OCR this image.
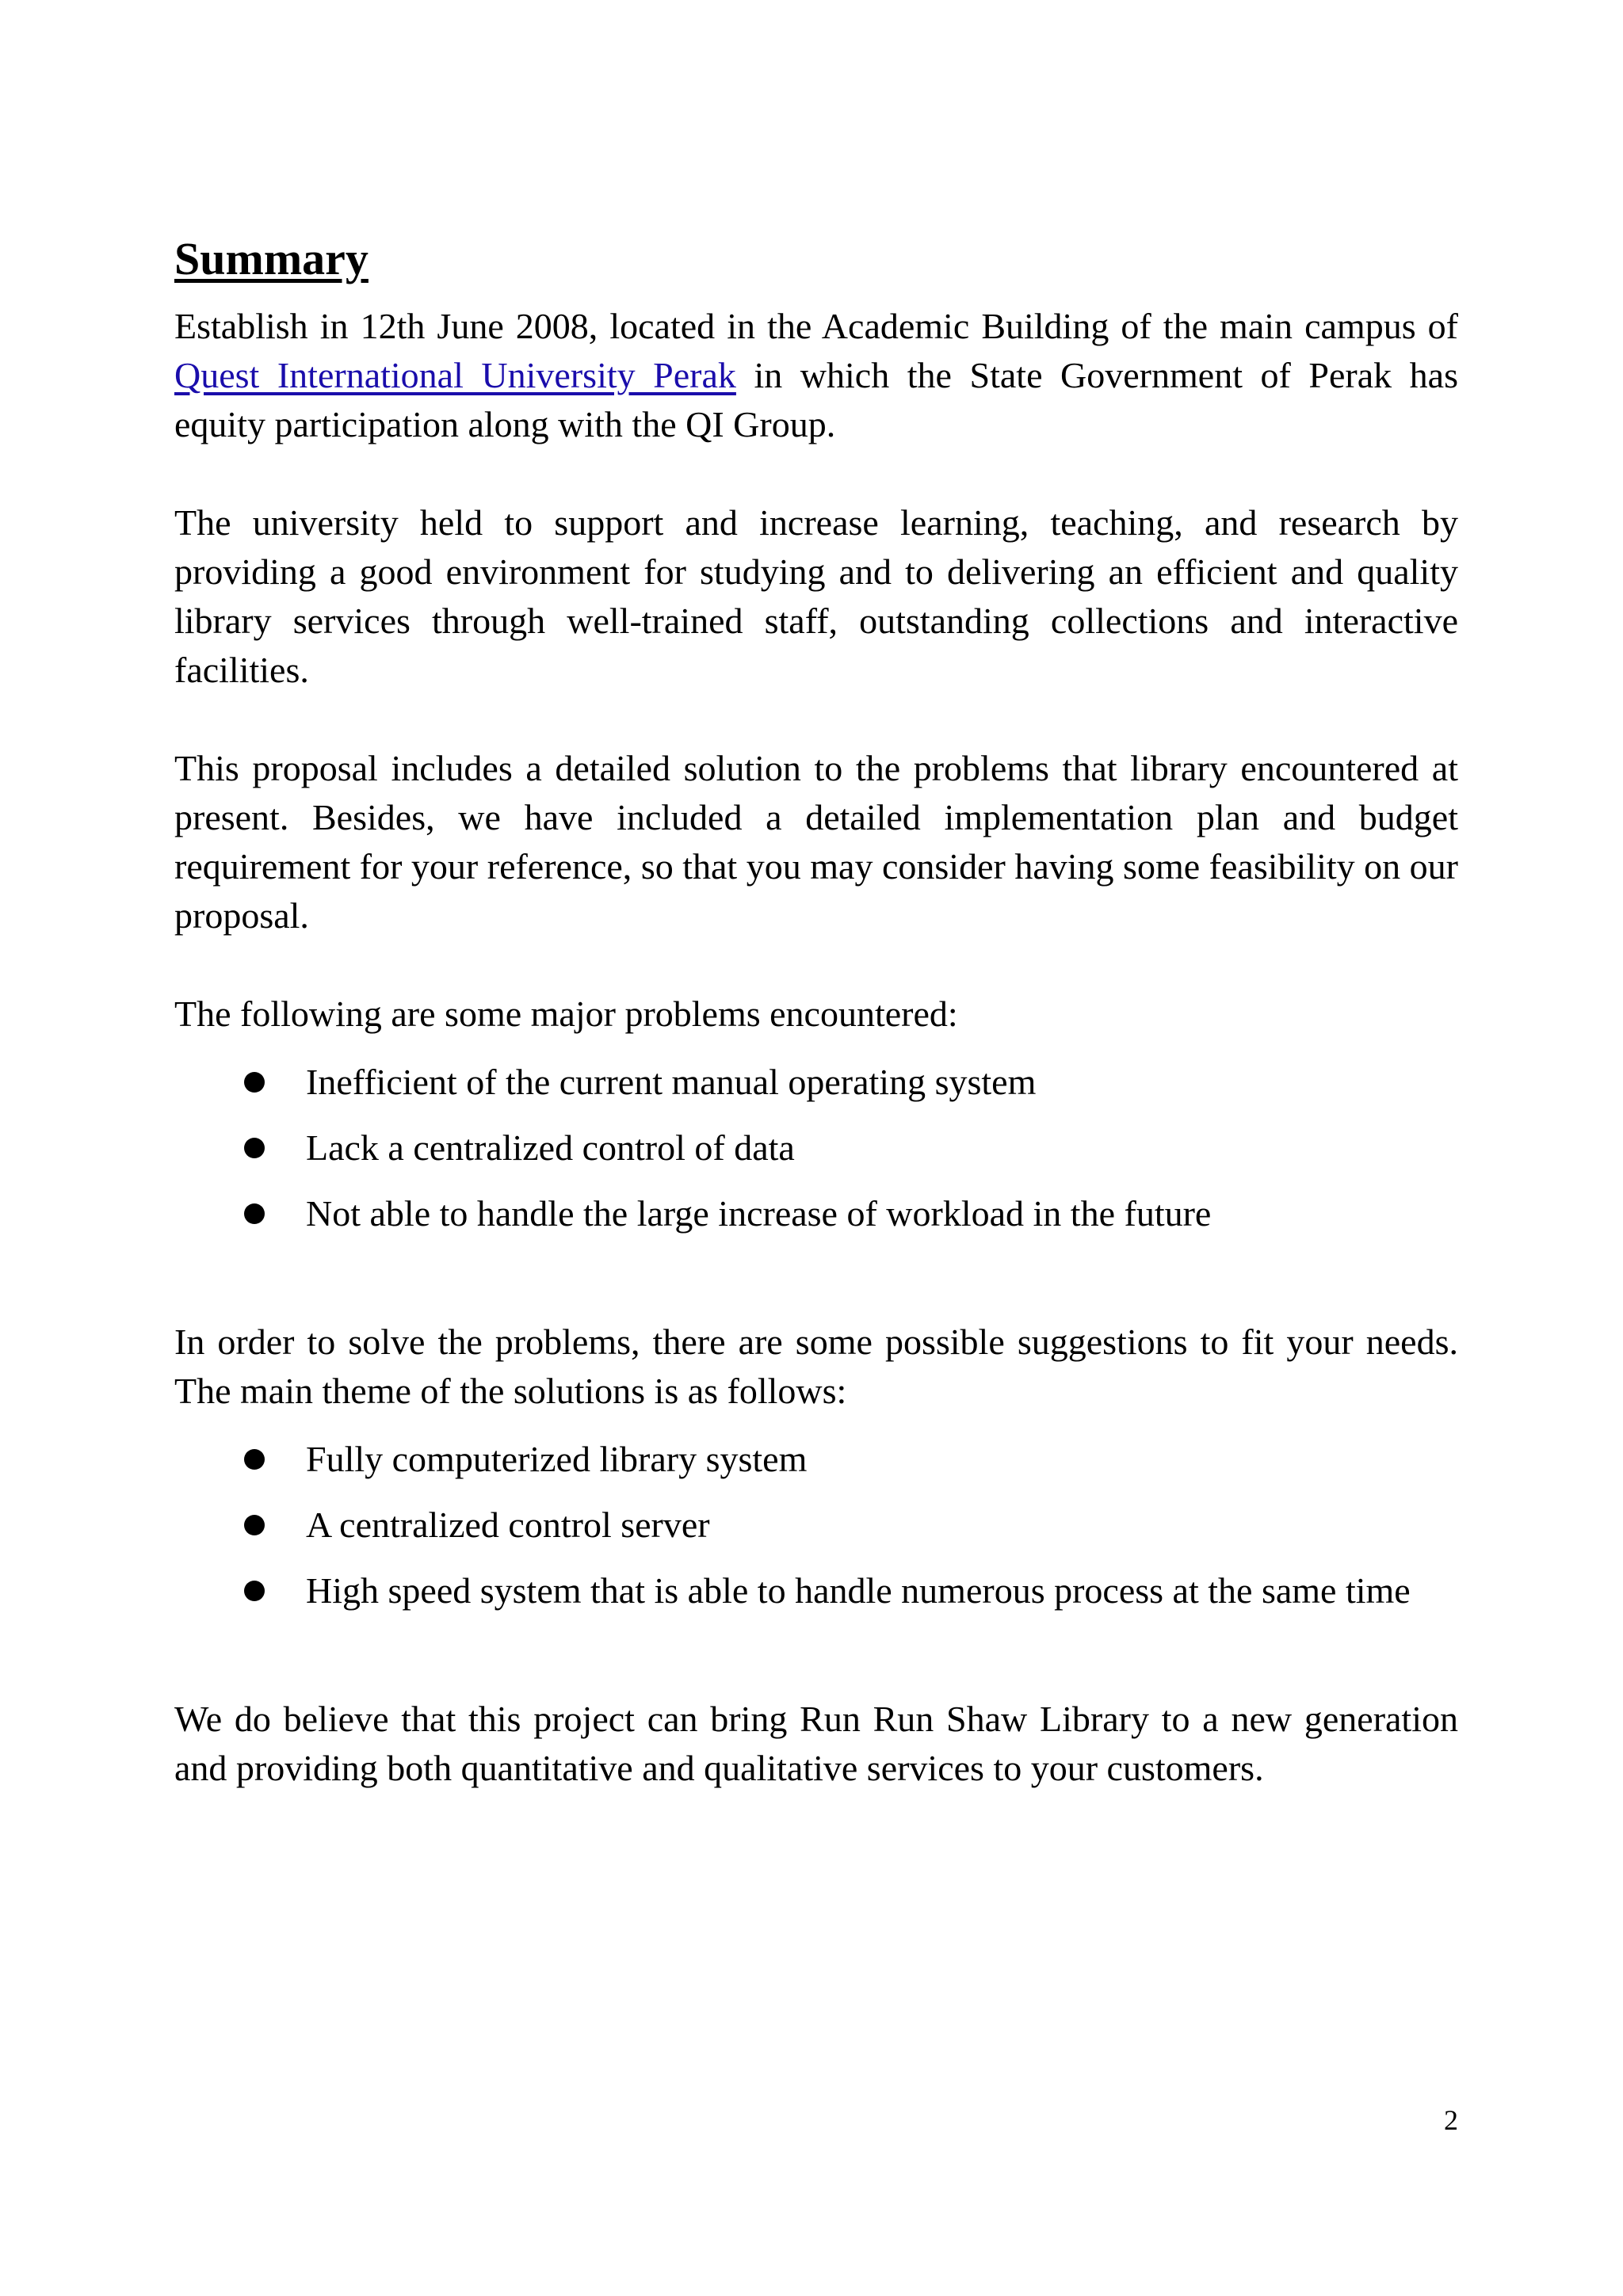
Summary

Establish in 12th June 2008, located in the Academic Building of the main campus of Quest International University Perak in which the State Government of Perak has equity participation along with the QI Group.

The university held to support and increase learning, teaching, and research by providing a good environment for studying and to delivering an efficient and quality library services through well-trained staff, outstanding collections and interactive facilities.

This proposal includes a detailed solution to the problems that library encountered at present. Besides, we have included a detailed implementation plan and budget requirement for your reference, so that you may consider having some feasibility on our proposal.

The following are some major problems encountered:

Inefficient of the current manual operating system
Lack a centralized control of data
Not able to handle the large increase of workload in the future

In order to solve the problems, there are some possible suggestions to fit your needs. The main theme of the solutions is as follows:

Fully computerized library system
A centralized control server
High speed system that is able to handle numerous process at the same time

We do believe that this project can bring Run Run Shaw Library to a new generation and providing both quantitative and qualitative services to your customers.

2
